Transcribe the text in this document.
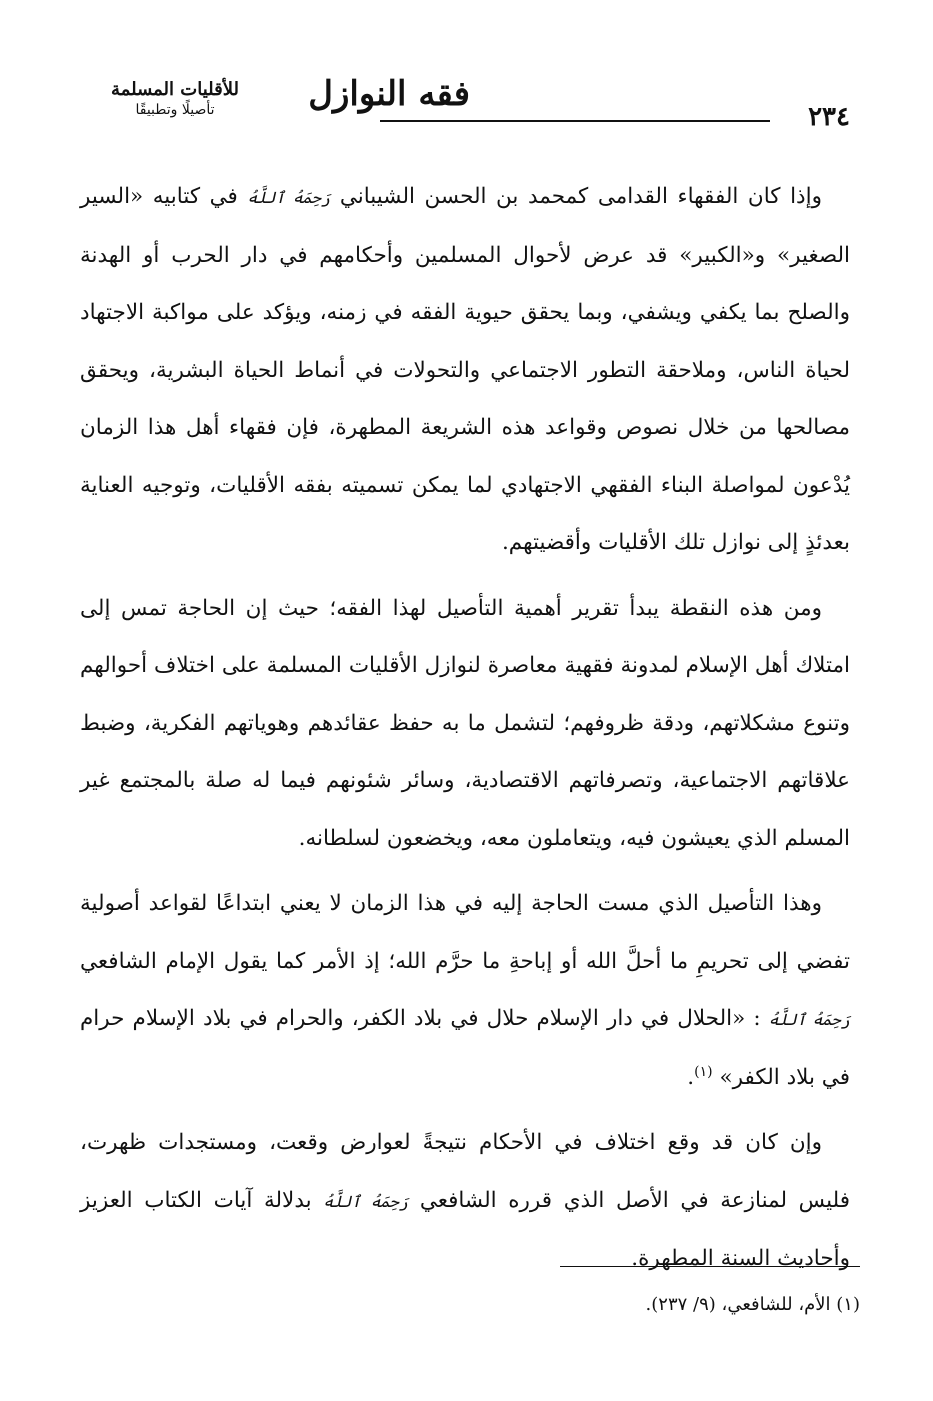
فقه النوازل
للأقليات المسلمة
تأصيلًا وتطبيقًا	٢٣٤

وإذا كان الفقهاء القدامى كمحمد بن الحسن الشيباني رَحِمَهُ ٱللَّهُ في كتابيه «السير الصغير» و«الكبير» قد عرض لأحوال المسلمين وأحكامهم في دار الحرب أو الهدنة والصلح بما يكفي ويشفي، وبما يحقق حيوية الفقه في زمنه، ويؤكد على مواكبة الاجتهاد لحياة الناس، وملاحقة التطور الاجتماعي والتحولات في أنماط الحياة البشرية، ويحقق مصالحها من خلال نصوص وقواعد هذه الشريعة المطهرة، فإن فقهاء أهل هذا الزمان يُدْعون لمواصلة البناء الفقهي الاجتهادي لما يمكن تسميته بفقه الأقليات، وتوجيه العناية بعدئذٍ إلى نوازل تلك الأقليات وأقضيتهم.

ومن هذه النقطة يبدأ تقرير أهمية التأصيل لهذا الفقه؛ حيث إن الحاجة تمس إلى امتلاك أهل الإسلام لمدونة فقهية معاصرة لنوازل الأقليات المسلمة على اختلاف أحوالهم وتنوع مشكلاتهم، ودقة ظروفهم؛ لتشمل ما به حفظ عقائدهم وهوياتهم الفكرية، وضبط علاقاتهم الاجتماعية، وتصرفاتهم الاقتصادية، وسائر شئونهم فيما له صلة بالمجتمع غير المسلم الذي يعيشون فيه، ويتعاملون معه، ويخضعون لسلطانه.

وهذا التأصيل الذي مست الحاجة إليه في هذا الزمان لا يعني ابتداعًا لقواعد أصولية تفضي إلى تحريمِ ما أحلَّ الله أو إباحةِ ما حرَّم الله؛ إذ الأمر كما يقول الإمام الشافعي رَحِمَهُ ٱللَّهُ : «الحلال في دار الإسلام حلال في بلاد الكفر، والحرام في بلاد الإسلام حرام في بلاد الكفر» $^{(١)}$.

وإن كان قد وقع اختلاف في الأحكام نتيجةً لعوارض وقعت، ومستجدات ظهرت، فليس لمنازعة في الأصل الذي قرره الشافعي رَحِمَهُ ٱللَّهُ بدلالة آيات الكتاب العزيز وأحاديث السنة المطهرة.

(١) الأم، للشافعي، (٩/ ٢٣٧).
